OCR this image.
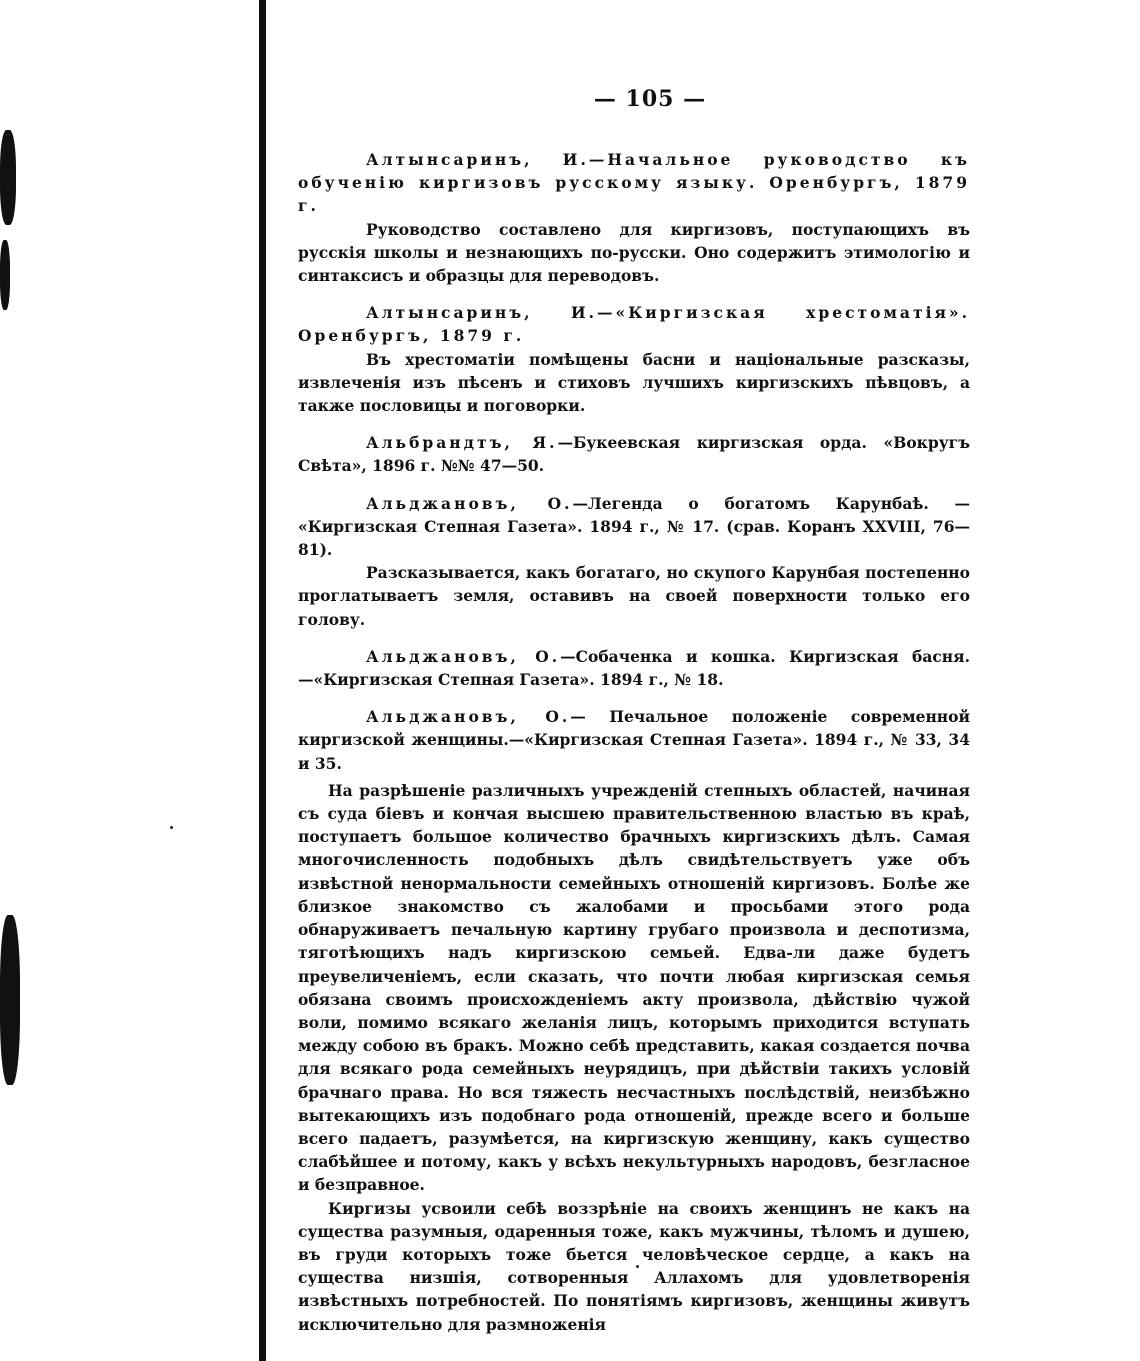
— 105 —

Алтынсаринъ, И.—Начальное руководство къ обученію киргизовъ русскому языку. Оренбургъ, 1879 г.

Руководство составлено для киргизовъ, поступающихъ въ русскія школы и незнающихъ по-русски. Оно содержитъ этимологію и синтаксисъ и образцы для переводовъ.

Алтынсаринъ, И.—«Киргизская хрестоматія». Оренбургъ, 1879 г.

Въ хрестоматіи помѣщены басни и національные разсказы, извлеченія изъ пѣсенъ и стиховъ лучшихъ киргизскихъ пѣвцовъ, а также пословицы и поговорки.

Альбрандтъ, Я.—Букеевская киргизская орда. «Вокругъ Свѣта», 1896 г. №№ 47—50.

Альджановъ, О.—Легенда о богатомъ Карунбаѣ. — «Киргизская Степная Газета». 1894 г., № 17. (срав. Коранъ XXVIII, 76—81).

Разсказывается, какъ богатаго, но скупого Карунбая постепенно проглатываетъ земля, оставивъ на своей поверхности только его голову.

Альджановъ, О.—Собаченка и кошка. Киргизская басня.—«Киргизская Степная Газета». 1894 г., № 18.

Альджановъ, О.— Печальное положеніе современной киргизской женщины.—«Киргизская Степная Газета». 1894 г., № 33, 34 и 35.

На разрѣшеніе различныхъ учрежденій степныхъ областей, начиная съ суда біевъ и кончая высшею правительственною властью въ краѣ, поступаетъ большое количество брачныхъ киргизскихъ дѣлъ. Самая многочисленность подобныхъ дѣлъ свидѣтельствуетъ уже объ извѣстной ненормальности семейныхъ отношеній киргизовъ. Болѣе же близкое знакомство съ жалобами и просьбами этого рода обнаруживаетъ печальную картину грубаго произвола и деспотизма, тяготѣющихъ надъ киргизскою семьей. Едва-ли даже будетъ преувеличеніемъ, если сказать, что почти любая киргизская семья обязана своимъ происхожденіемъ акту произвола, дѣйствію чужой воли, помимо всякаго желанія лицъ, которымъ приходится вступать между собою въ бракъ. Можно себѣ представить, какая создается почва для всякаго рода семейныхъ неурядицъ, при дѣйствіи такихъ условій брачнаго права. Но вся тяжесть несчастныхъ послѣдствій, неизбѣжно вытекающихъ изъ подобнаго рода отношеній, прежде всего и больше всего падаетъ, разумѣется, на киргизскую женщину, какъ существо слабѣйшее и потому, какъ у всѣхъ некультурныхъ народовъ, безгласное и безправное.

Киргизы усвоили себѣ воззрѣніе на своихъ женщинъ не какъ на существа разумныя, одаренныя тоже, какъ мужчины, тѣломъ и душею, въ груди которыхъ тоже бьется человѣческое сердце, а какъ на существа низшія, сотворенныя Аллахомъ для удовлетворенія извѣстныхъ потребностей. По понятіямъ киргизовъ, женщины живутъ исключительно для размноженія
